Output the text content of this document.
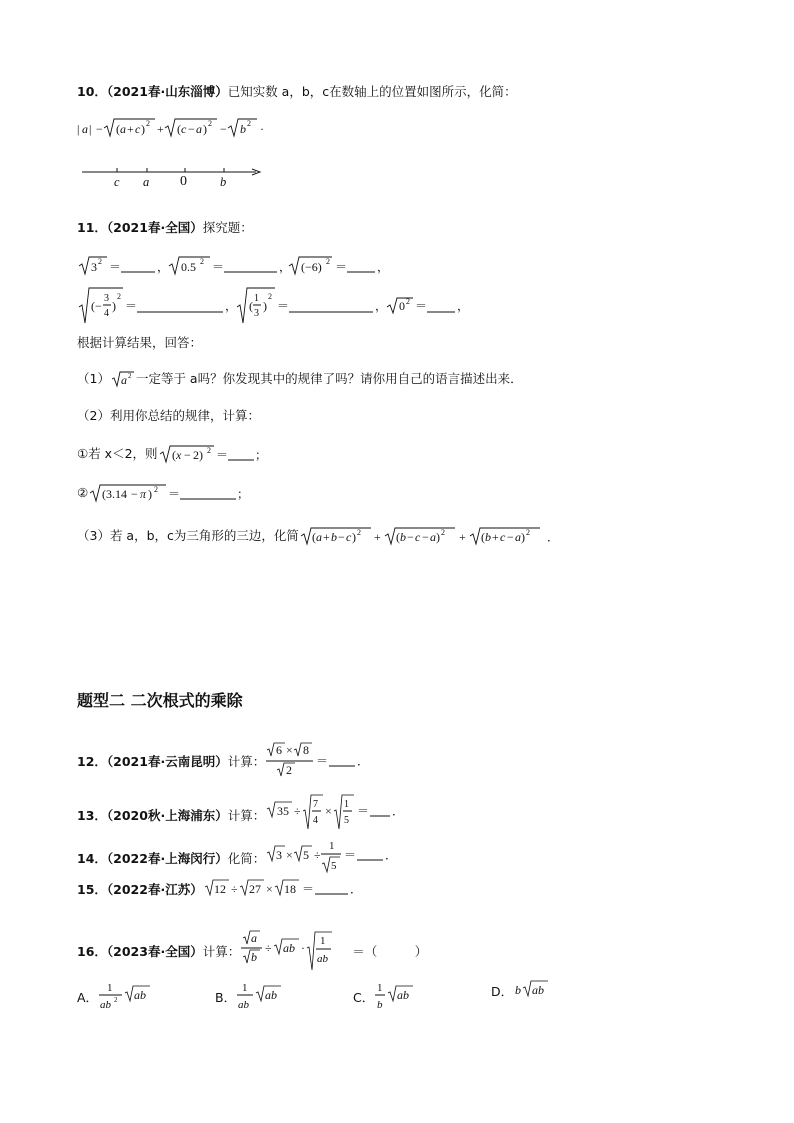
10．（2021春·山东淄博）已知实数 a，b，c在数轴上的位置如图所示，化简：
| a | − ( a + c ) 2 + ( c − a ) 2 − b 2 ·
c a 0	b
11．（2021春·全国）探究题：
3 2 ＝	， 0.5 2 ＝	， (−6) 2 ＝ ，
(−
3
4
)
2
＝	， (
1
3
)
2
＝	， 0 2 ＝ ，
根据计算结果，回答：
（1） a 2 一定等于 a吗？你发现其中的规律了吗？请你用自己的语言描述出来．
（2）利用你总结的规律，计算：
①若 x＜2，则 ( x − 2) 2 ＝ ；
② (3.14 − π ) 2 ＝	；
（3）若 a，b，c为三角形的三边，化简 ( a + b − c ) 2 + ( b − c − a ) 2 + ( b + c − a ) 2 ．
题型二 二次根式的乘除
12．（2021春·云南昆明）计算：
6 × 8
2
＝ ．
13．（2020秋·上海浦东）计算： 35 ÷ 7
4
× 1
5
＝ ．
14．（2022春·上海闵行）化简： 3 × 5 ÷
1
5
＝ ．
15．（2022春·江苏） 12 ÷ 27 × 18 ＝	．
16．（2023春·全国）计算：
a
b
÷ ab · 1
ab ＝（　　　）
A．
1
ab 2 ab	B．
1
ab
ab	C．
1
b
ab	D． b ab
